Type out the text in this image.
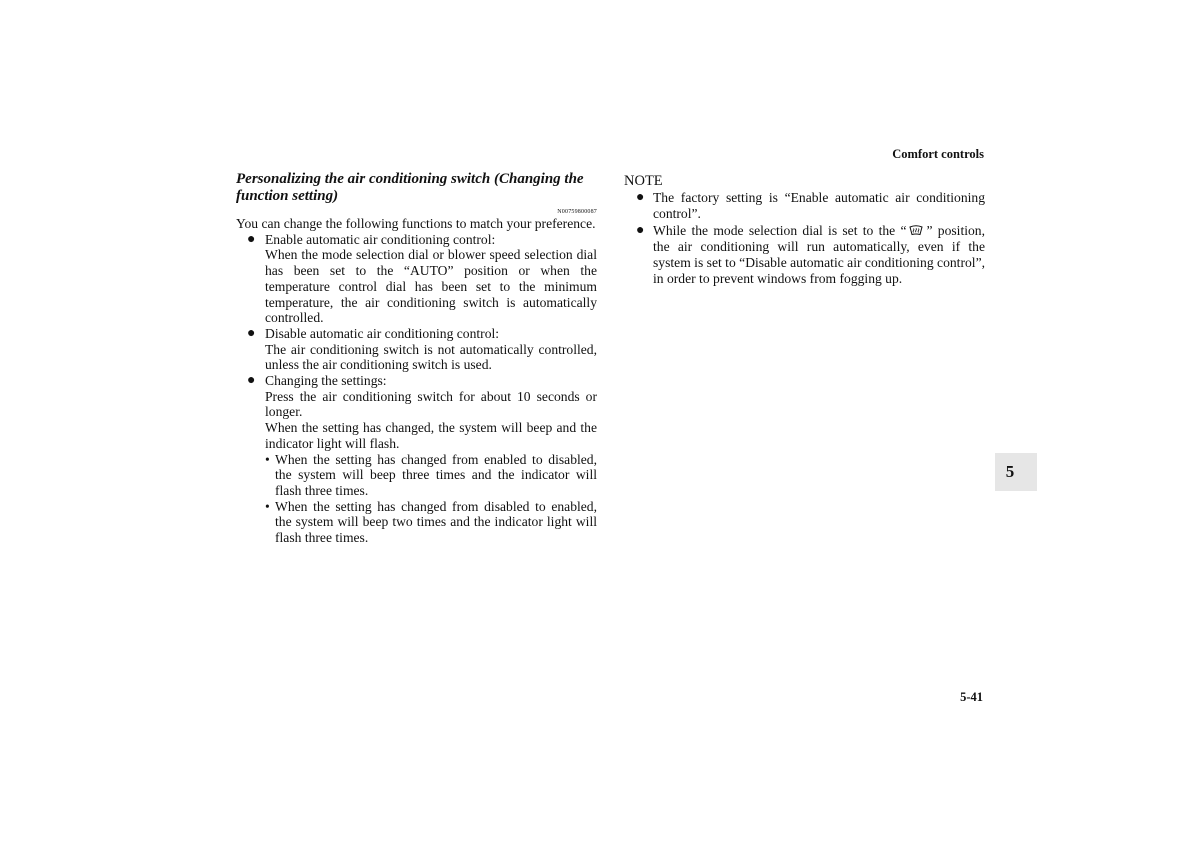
Comfort controls

Personalizing the air conditioning switch (Changing the function setting)

N00759800087

You can change the following functions to match your preference.

● Enable automatic air conditioning control:

When the mode selection dial or blower speed selection dial has been set to the “AUTO” position or when the temperature control dial has been set to the minimum temperature, the air conditioning switch is automatically controlled.

● Disable automatic air conditioning control:

The air conditioning switch is not automatically controlled, unless the air conditioning switch is used.

● Changing the settings:

Press the air conditioning switch for about 10 seconds or longer.

When the setting has changed, the system will beep and the indicator light will flash.

• When the setting has changed from enabled to disabled, the system will beep three times and the indicator will flash three times.
• When the setting has changed from disabled to enabled, the system will beep two times and the indicator light will flash three times.

NOTE

● The factory setting is “Enable automatic air conditioning control”.

● While the mode selection dial is set to the “ ” position, the air conditioning will run automatically, even if the system is set to “Disable automatic air conditioning control”, in order to prevent windows from fogging up.

5
5-41
